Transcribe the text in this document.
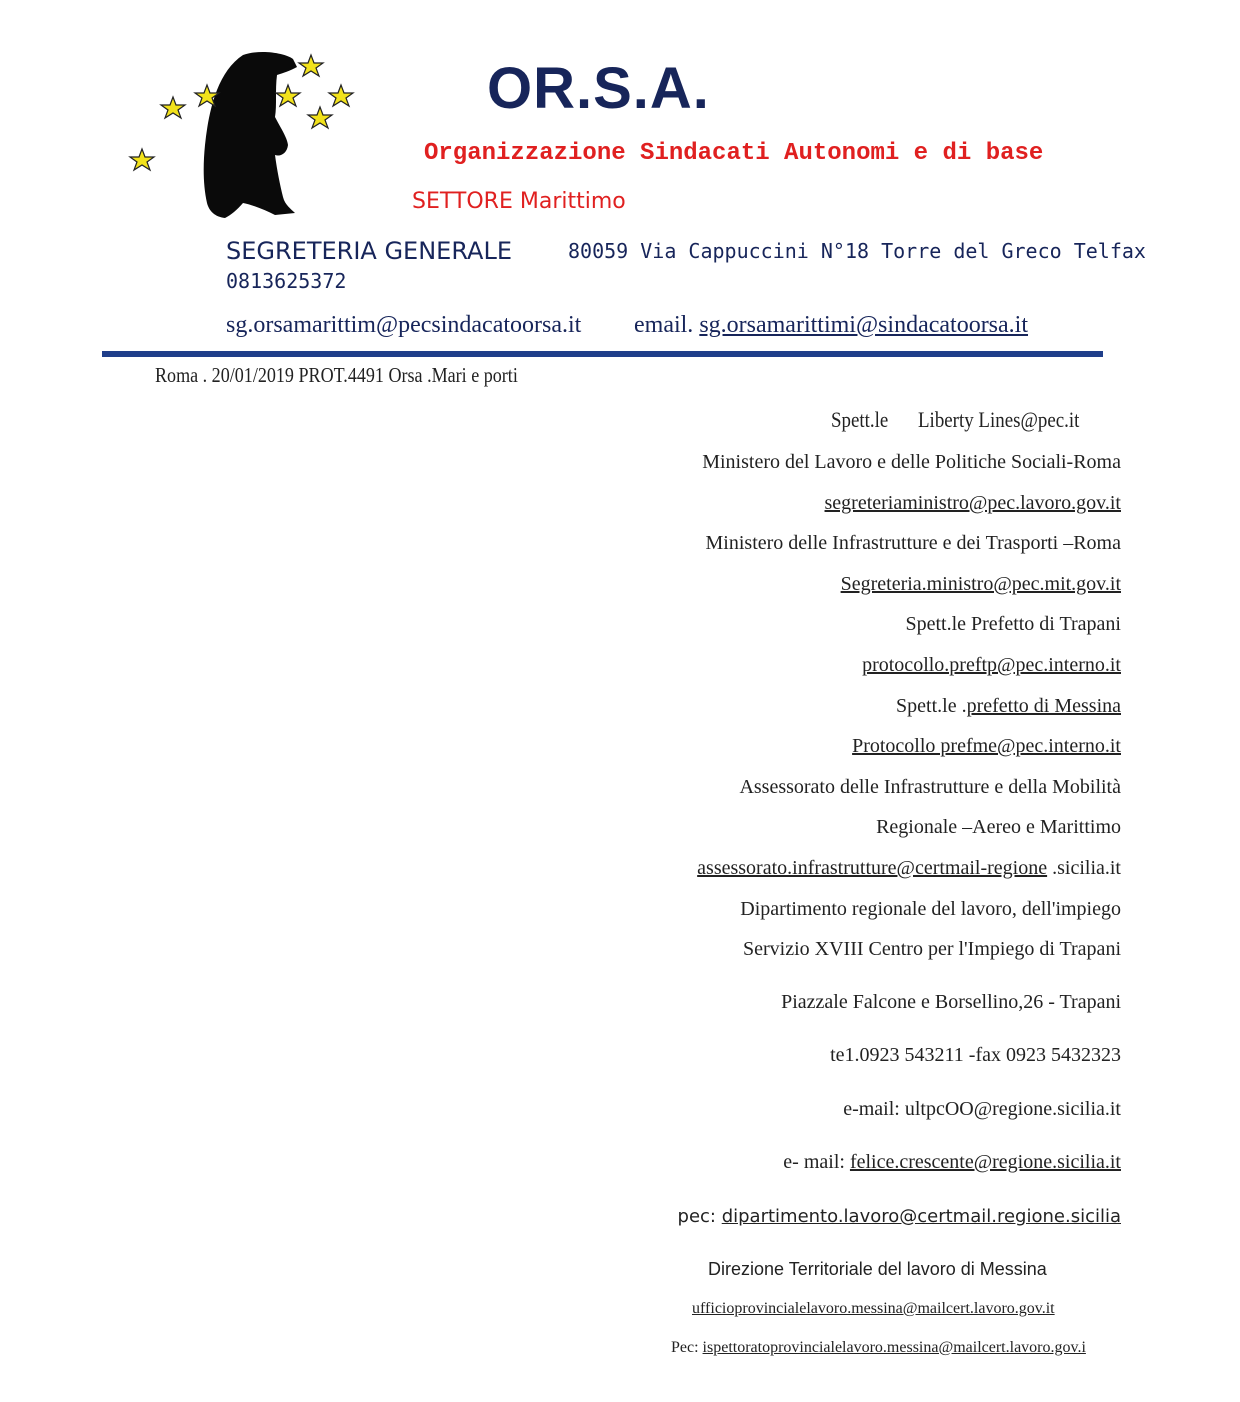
OR.S.A.
Organizzazione Sindacati Autonomi e di base
SETTORE Marittimo
SEGRETERIA GENERALE	80059 Via Cappuccini N°18 Torre del Greco Telfax
0813625372
sg.orsamarittim@pecsindacatoorsa.it email. sg.orsamarittimi@sindacatoorsa.it
Roma . 20/01/2019 PROT.4491 Orsa .Mari e porti
Spett.le Liberty Lines@pec.it
Ministero del Lavoro e delle Politiche Sociali-Roma
segreteriaministro@pec.lavoro.gov.it
Ministero delle Infrastrutture e dei Trasporti –Roma
Segreteria.ministro@pec.mit.gov.it
Spett.le Prefetto di Trapani
protocollo.preftp@pec.interno.it
Spett.le .prefetto di Messina
Protocollo prefme@pec.interno.it
Assessorato delle Infrastrutture e della Mobilità
Regionale –Aereo e Marittimo
assessorato.infrastrutture@certmail-regione .sicilia.it
Dipartimento regionale del lavoro, dell'impiego
Servizio XVIII Centro per l'Impiego di Trapani
Piazzale Falcone e Borsellino,26 - Trapani
te1.0923 543211 -fax 0923 5432323
e-mail: ultpcOO@regione.sicilia.it
e- mail: felice.crescente@regione.sicilia.it
pec: dipartimento.lavoro@certmail.regione.sicilia
Direzione Territoriale del lavoro di Messina
ufficioprovincialelavoro.messina@mailcert.lavoro.gov.it
Pec: ispettoratoprovincialelavoro.messina@mailcert.lavoro.gov.i
